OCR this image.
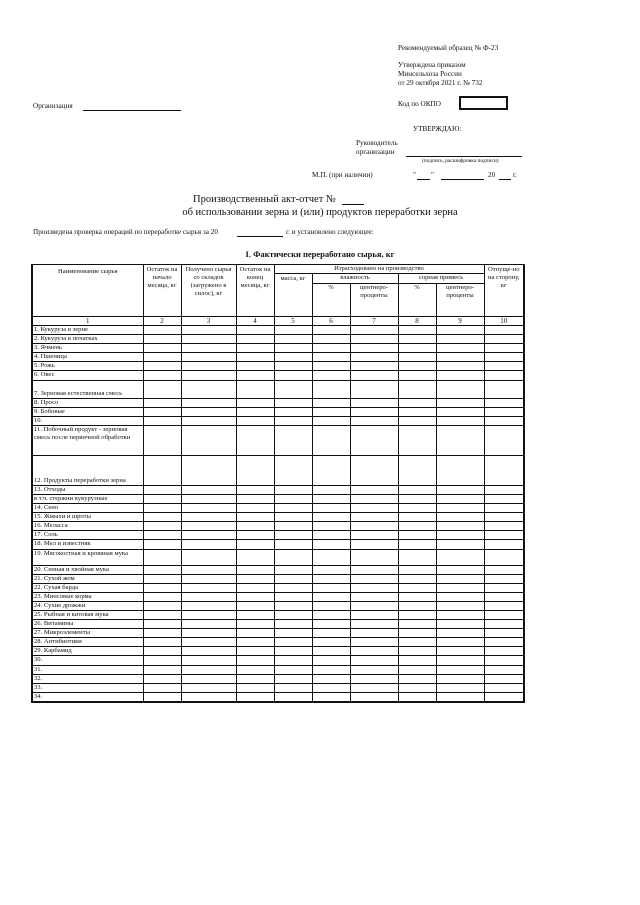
Рекомендуемый образец № Ф-23
Утверждена приказом
Минсельхоза России
от 29 октября 2021 г. № 732
Организация	Код по ОКПО
УТВЕРЖДАЮ:
Руководитель
организации
(подпись, расшифровка подписи)
М.П. (при наличии)	" "	20 г.
Производственный акт-отчет №
об использовании зерна и (или) продуктов переработки зерна
Произведена проверка операций по переработке сырья за 20	г. и установлено следующее:
I. Фактически переработано сырья, кг
Наименование сырья	Остаток на начало месяца, кг	Получено сырья со складов (загружено в силос), кг	Остаток на конец месяца, кг	Израсходовано на производство					Отпуще-но на сторону, кг
				масса, кг	влажность		сорная примесь		
					%	центнеро-проценты	%	центнеро-проценты	
1	2	3	4	5	6	7	8	9	10
1. Кукуруза в зерне									
2. Кукуруза в початках									
3. Ячмень									
4. Пшеница									
5. Рожь									
6. Овес									
7. Зерновая естественная смесь									
8. Просо									
9. Бобовые									
10.									
11. Побочный продукт - зерновая смесь после первичной обработки									
12. Продукты переработки зерна									
13. Отходы									
в т.ч. стержни кукурузные									
14. Сено									
15. Жмыхи и шроты									
16. Меласса									
17. Соль									
18. Мел и известняк									
19. Мясокостная и кровяная мука									
20. Сенная и хвойная мука									
21. Сухой жом									
22. Сухая барда									
23. Минсовые корма									
24. Сухие дрожжи									
25. Рыбная и китовая мука									
26. Витамины									
27. Микроэлементы									
28. Антибиотики									
29. Карбамид									
30.									
31.									
32.									
33.									
34.									
